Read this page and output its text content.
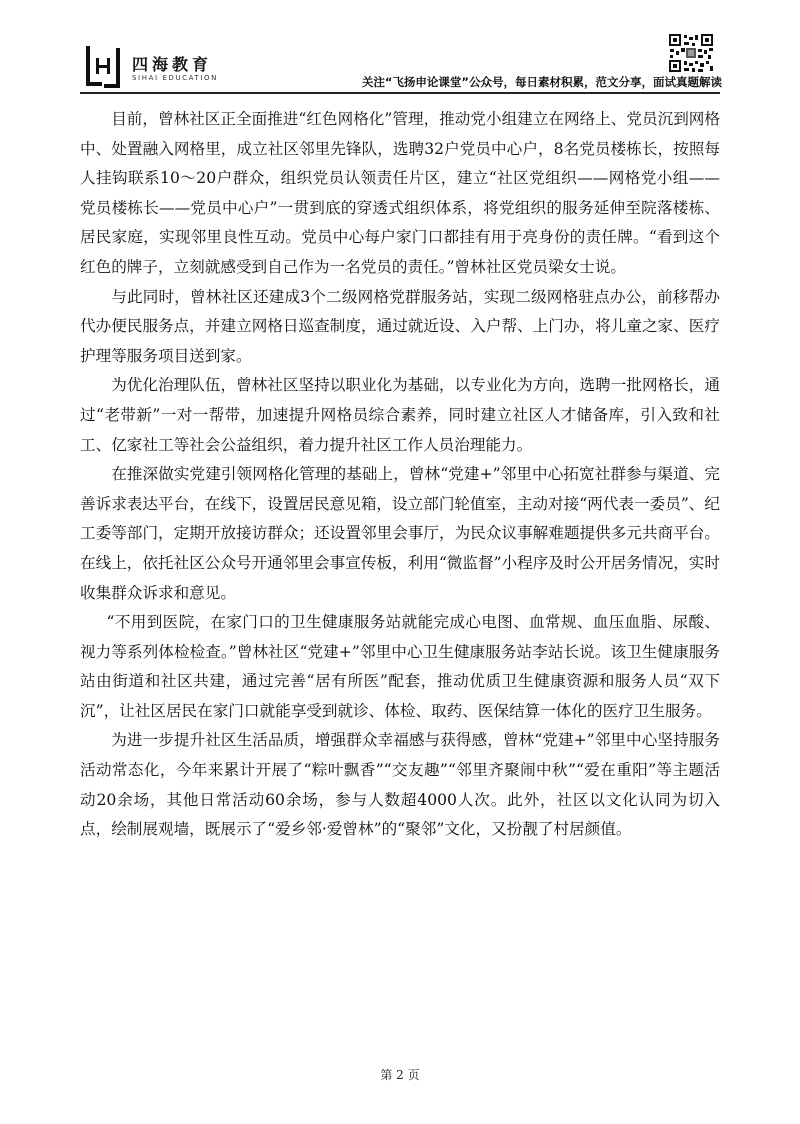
四海教育
SIHAI EDUCATION	关注“飞扬申论课堂”公众号，每日素材积累，范文分享，面试真题解读

目前，曾林社区正全面推进“红色网格化”管理，推动党小组建立在网络上、党员沉到网格中、处置融入网格里，成立社区邻里先锋队，选聘32户党员中心户，8名党员楼栋长，按照每人挂钩联系10～20户群众，组织党员认领责任片区，建立“社区党组织——网格党小组——党员楼栋长——党员中心户”一贯到底的穿透式组织体系，将党组织的服务延伸至院落楼栋、居民家庭，实现邻里良性互动。党员中心每户家门口都挂有用于亮身份的责任牌。“看到这个红色的牌子，立刻就感受到自己作为一名党员的责任。”曾林社区党员梁女士说。

与此同时，曾林社区还建成3个二级网格党群服务站，实现二级网格驻点办公，前移帮办代办便民服务点，并建立网格日巡查制度，通过就近设、入户帮、上门办，将儿童之家、医疗护理等服务项目送到家。

为优化治理队伍，曾林社区坚持以职业化为基础，以专业化为方向，选聘一批网格长，通过“老带新”一对一帮带，加速提升网格员综合素养，同时建立社区人才储备库，引入致和社工、亿家社工等社会公益组织，着力提升社区工作人员治理能力。

在推深做实党建引领网格化管理的基础上，曾林“党建+”邻里中心拓宽社群参与渠道、完善诉求表达平台，在线下，设置居民意见箱，设立部门轮值室，主动对接“两代表一委员”、纪工委等部门，定期开放接访群众；还设置邻里会事厅，为民众议事解难题提供多元共商平台。在线上，依托社区公众号开通邻里会事宣传板，利用“微监督”小程序及时公开居务情况，实时收集群众诉求和意见。

“不用到医院，在家门口的卫生健康服务站就能完成心电图、血常规、血压血脂、尿酸、视力等系列体检检查。”曾林社区“党建+”邻里中心卫生健康服务站李站长说。该卫生健康服务站由街道和社区共建，通过完善“居有所医”配套，推动优质卫生健康资源和服务人员“双下沉”，让社区居民在家门口就能享受到就诊、体检、取药、医保结算一体化的医疗卫生服务。

为进一步提升社区生活品质，增强群众幸福感与获得感，曾林“党建+”邻里中心坚持服务活动常态化，今年来累计开展了“粽叶飘香”“交友趣”“邻里齐聚闹中秋”“爱在重阳”等主题活动20余场，其他日常活动60余场，参与人数超4000人次。此外，社区以文化认同为切入点，绘制展观墙，既展示了“爱乡邻·爱曾林”的“聚邻”文化，又扮靓了村居颜值。

第 2 页
